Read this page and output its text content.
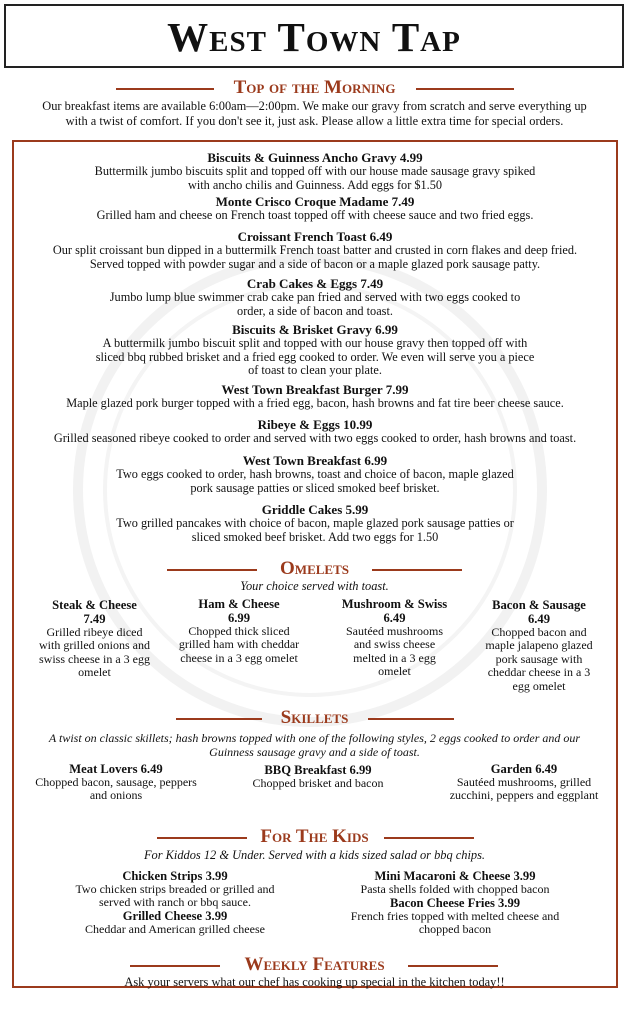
West Town Tap
Top of the Morning
Our breakfast items are available 6:00am—2:00pm. We make our gravy from scratch and serve everything up
with a twist of comfort. If you don't see it, just ask. Please allow a little extra time for special orders.
Biscuits & Guinness Ancho Gravy 4.99
Buttermilk jumbo biscuits split and topped off with our house made sausage gravy spiked
with ancho chilis and Guinness. Add eggs for $1.50
Monte Crisco Croque Madame 7.49
Grilled ham and cheese on French toast topped off with cheese sauce and two fried eggs.
Croissant French Toast 6.49
Our split croissant bun dipped in a buttermilk French toast batter and crusted in corn flakes and deep fried.
Served topped with powder sugar and a side of bacon or a maple glazed pork sausage patty.
Crab Cakes & Eggs 7.49
Jumbo lump blue swimmer crab cake pan fried and served with two eggs cooked to
order, a side of bacon and toast.
Biscuits & Brisket Gravy 6.99
A buttermilk jumbo biscuit split and topped with our house gravy then topped off with
sliced bbq rubbed brisket and a fried egg cooked to order. We even will serve you a piece
of toast to clean your plate.
West Town Breakfast Burger 7.99
Maple glazed pork burger topped with a fried egg, bacon, hash browns and fat tire beer cheese sauce.
Ribeye & Eggs 10.99
Grilled seasoned ribeye cooked to order and served with two eggs cooked to order, hash browns and toast.
West Town Breakfast 6.99
Two eggs cooked to order, hash browns, toast and choice of bacon, maple glazed
pork sausage patties or sliced smoked beef brisket.
Griddle Cakes 5.99
Two grilled pancakes with choice of bacon, maple glazed pork sausage patties or
sliced smoked beef brisket. Add two eggs for 1.50
Omelets
Your choice served with toast.
Steak & Cheese
7.49
Grilled ribeye diced
with grilled onions and
swiss cheese in a 3 egg
omelet
Ham & Cheese
6.99
Chopped thick sliced
grilled ham with cheddar
cheese in a 3 egg omelet
Mushroom & Swiss
6.49
Sautéed mushrooms
and swiss cheese
melted in a 3 egg
omelet
Bacon & Sausage
6.49
Chopped bacon and
maple jalapeno glazed
pork sausage with
cheddar cheese in a 3
egg omelet
Skillets
A twist on classic skillets; hash browns topped with one of the following styles, 2 eggs cooked to order and our
Guinness sausage gravy and a side of toast.
Meat Lovers 6.49
Chopped bacon, sausage, peppers
and onions
BBQ Breakfast 6.99
Chopped brisket and bacon
Garden 6.49
Sautéed mushrooms, grilled
zucchini, peppers and eggplant
For The Kids
For Kiddos 12 & Under. Served with a kids sized salad or bbq chips.
Chicken Strips 3.99
Two chicken strips breaded or grilled and
served with ranch or bbq sauce.
Grilled Cheese 3.99
Cheddar and American grilled cheese
Mini Macaroni & Cheese 3.99
Pasta shells folded with chopped bacon
Bacon Cheese Fries 3.99
French fries topped with melted cheese and
chopped bacon
Weekly Features
Ask your servers what our chef has cooking up special in the kitchen today!!
